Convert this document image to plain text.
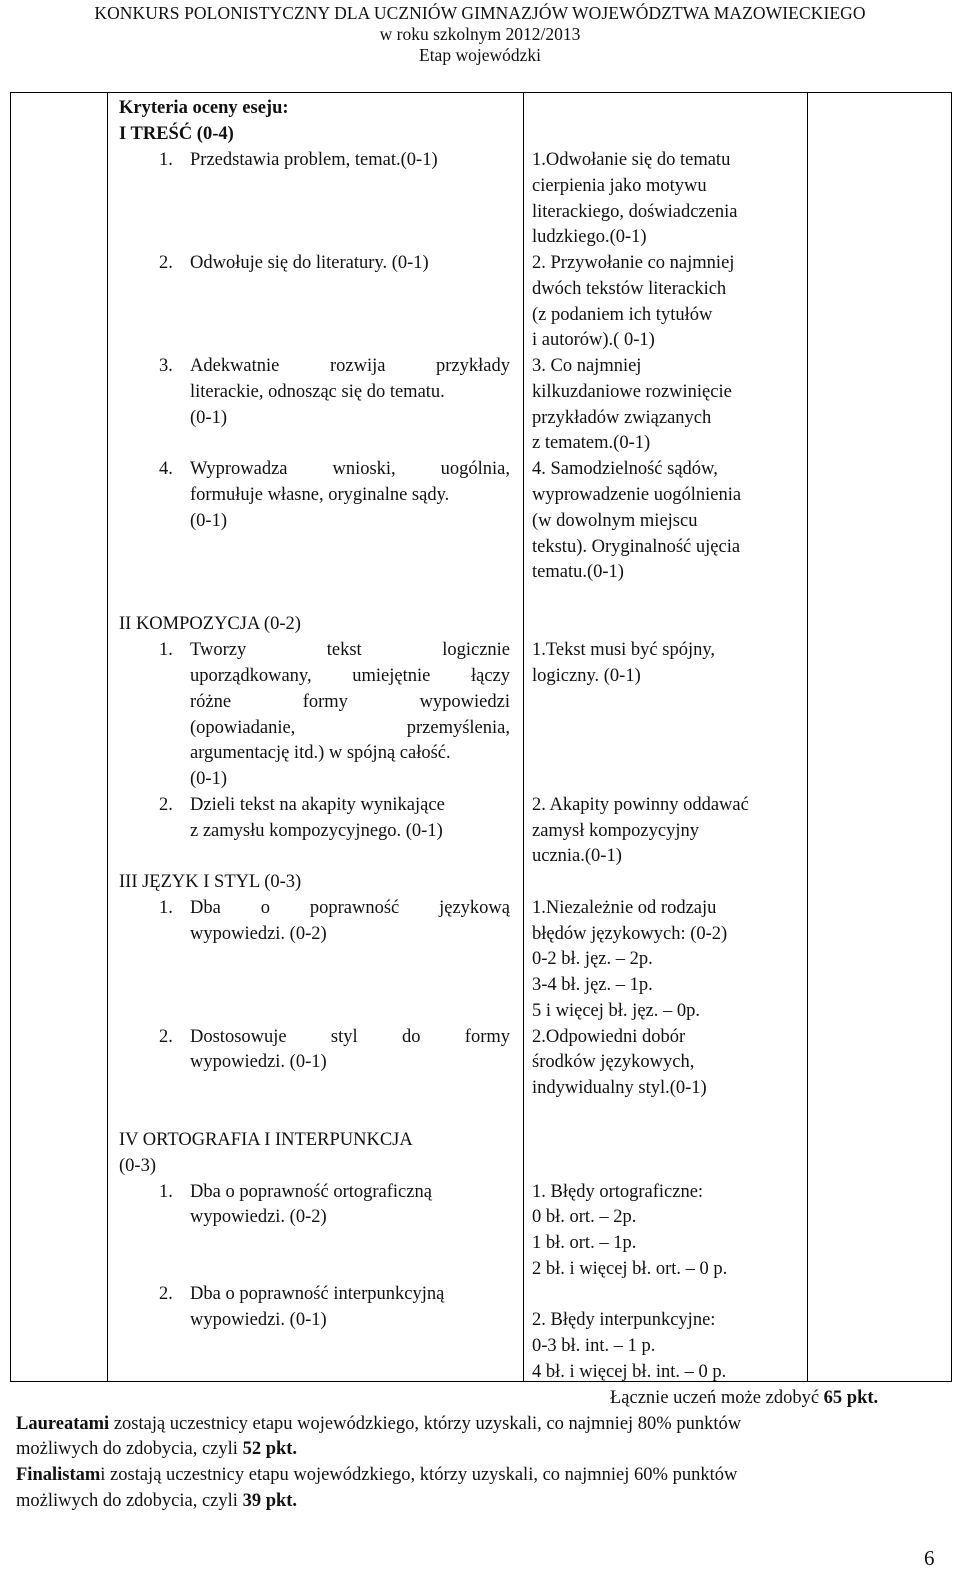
KONKURS POLONISTYCZNY DLA UCZNIÓW GIMNAZJÓW WOJEWÓDZTWA MAZOWIECKIEGO
w roku szkolnym 2012/2013
Etap wojewódzki
Kryteria oceny eseju:
I TREŚĆ (0-4)
1. Przedstawia problem, temat.(0-1)
2. Odwołuje się do literatury. (0-1)
3. Adekwatnie rozwija przykłady
literackie, odnosząc się do tematu.
(0-1)
4. Wyprowadza wnioski, uogólnia,
formułuje własne, oryginalne sądy.
(0-1)
II KOMPOZYCJA (0-2)
1. Tworzy tekst logicznie
uporządkowany, umiejętnie łączy
różne formy wypowiedzi
(opowiadanie, przemyślenia,
argumentację itd.) w spójną całość.
(0-1)
2. Dzieli tekst na akapity wynikające
z zamysłu kompozycyjnego. (0-1)
III JĘZYK I STYL (0-3)
1. Dba o poprawność językową
wypowiedzi. (0-2)
2. Dostosowuje styl do formy
wypowiedzi. (0-1)
IV ORTOGRAFIA I INTERPUNKCJA
(0-3)
1. Dba o poprawność ortograficzną
wypowiedzi. (0-2)
2. Dba o poprawność interpunkcyjną
wypowiedzi. (0-1)
1.Odwołanie się do tematu
cierpienia jako motywu
literackiego, doświadczenia
ludzkiego.(0-1)
2. Przywołanie co najmniej
dwóch tekstów literackich
(z podaniem ich tytułów
i autorów).( 0-1)
3. Co najmniej
kilkuzdaniowe rozwinięcie
przykładów związanych
z tematem.(0-1)
4. Samodzielność sądów,
wyprowadzenie uogólnienia
(w dowolnym miejscu
tekstu). Oryginalność ujęcia
tematu.(0-1)
1.Tekst musi być spójny,
logiczny. (0-1)
2. Akapity powinny oddawać
zamysł kompozycyjny
ucznia.(0-1)
1.Niezależnie od rodzaju
błędów językowych: (0-2)
0-2 bł. jęz. – 2p.
3-4 bł. jęz. – 1p.
5 i więcej bł. jęz. – 0p.
2.Odpowiedni dobór
środków językowych,
indywidualny styl.(0-1)
1. Błędy ortograficzne:
0 bł. ort. – 2p.
1 bł. ort. – 1p.
2 bł. i więcej bł. ort. – 0 p.
2. Błędy interpunkcyjne:
0-3 bł. int. – 1 p.
4 bł. i więcej bł. int. – 0 p.
Łącznie uczeń może zdobyć 65 pkt.
Laureatami zostają uczestnicy etapu wojewódzkiego, którzy uzyskali, co najmniej 80% punktów
możliwych do zdobycia, czyli 52 pkt.
Finalistami zostają uczestnicy etapu wojewódzkiego, którzy uzyskali, co najmniej 60% punktów
możliwych do zdobycia, czyli 39 pkt.
6
